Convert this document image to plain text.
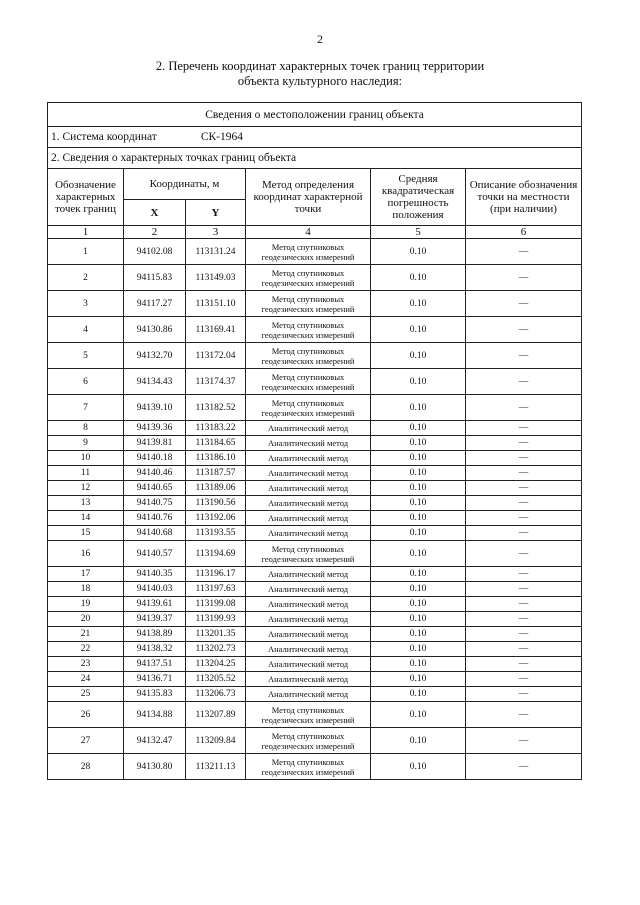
2
2. Перечень координат характерных точек границ территории
объекта культурного наследия:
Сведения о местоположении границ объекта					
1. Система координат СК-1964					
2. Сведения о характерных точках границ объекта					
Обозначение характерных точек границ	Координаты, м		Метод определения координат характерной точки	Средняя квадратическая погрешность положения	Описание обозначения точки на местности (при наличии)
	X	Y			
1	2	3	4	5	6
1	94102.08	113131.24	Метод спутниковых геодезических измерений	0.10	—
2	94115.83	113149.03	Метод спутниковых геодезических измерений	0.10	—
3	94117.27	113151.10	Метод спутниковых геодезических измерений	0.10	—
4	94130.86	113169.41	Метод спутниковых геодезических измерений	0.10	—
5	94132.70	113172.04	Метод спутниковых геодезических измерений	0.10	—
6	94134.43	113174.37	Метод спутниковых геодезических измерений	0.10	—
7	94139.10	113182.52	Метод спутниковых геодезических измерений	0.10	—
8	94139.36	113183.22	Аналитический метод	0.10	—
9	94139.81	113184.65	Аналитический метод	0.10	—
10	94140.18	113186.10	Аналитический метод	0.10	—
11	94140.46	113187.57	Аналитический метод	0.10	—
12	94140.65	113189.06	Аналитический метод	0.10	—
13	94140.75	113190.56	Аналитический метод	0.10	—
14	94140.76	113192.06	Аналитический метод	0.10	—
15	94140.68	113193.55	Аналитический метод	0.10	—
16	94140.57	113194.69	Метод спутниковых геодезических измерений	0.10	—
17	94140.35	113196.17	Аналитический метод	0.10	—
18	94140.03	113197.63	Аналитический метод	0.10	—
19	94139.61	113199.08	Аналитический метод	0.10	—
20	94139.37	113199.93	Аналитический метод	0.10	—
21	94138.89	113201.35	Аналитический метод	0.10	—
22	94138.32	113202.73	Аналитический метод	0.10	—
23	94137.51	113204.25	Аналитический метод	0.10	—
24	94136.71	113205.52	Аналитический метод	0.10	—
25	94135.83	113206.73	Аналитический метод	0.10	—
26	94134.88	113207.89	Метод спутниковых геодезических измерений	0.10	—
27	94132.47	113209.84	Метод спутниковых геодезических измерений	0.10	—
28	94130.80	113211.13	Метод спутниковых геодезических измерений	0.10	—
